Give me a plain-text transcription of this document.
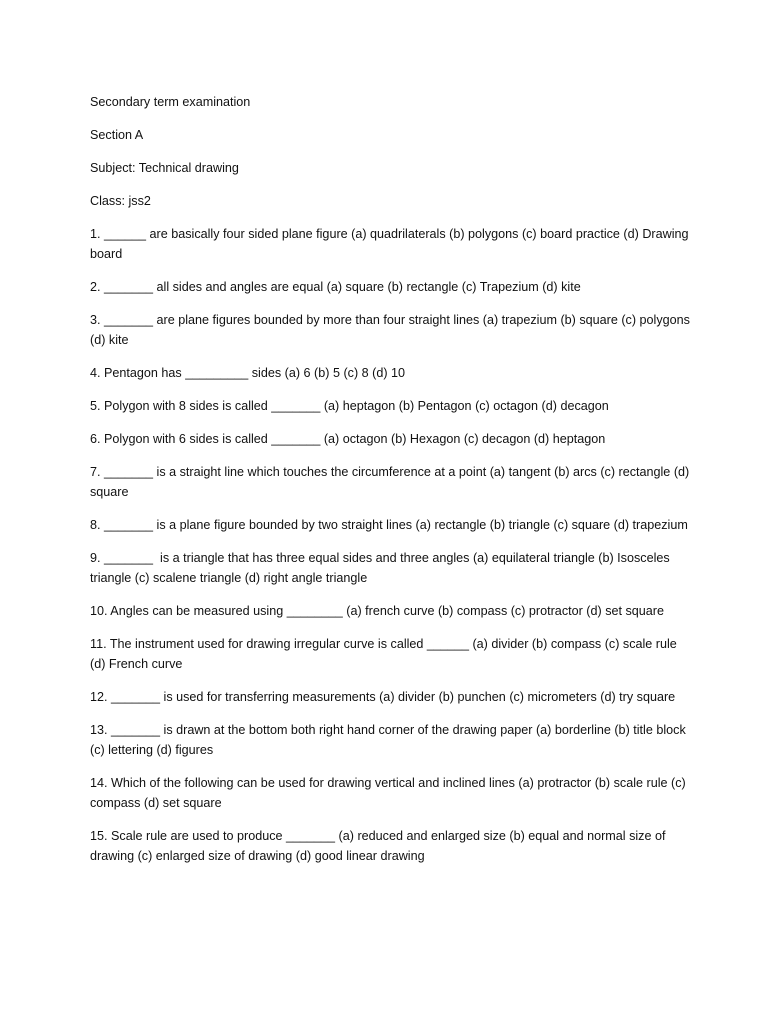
Secondary term examination

Section A

Subject: Technical drawing

Class: jss2

1. ______ are basically four sided plane figure (a) quadrilaterals (b) polygons (c) board practice (d) Drawing board

2. _______ all sides and angles are equal (a) square (b) rectangle (c) Trapezium (d) kite

3. _______ are plane figures bounded by more than four straight lines (a) trapezium (b) square (c) polygons (d) kite

4. Pentagon has _________ sides (a) 6 (b) 5 (c) 8 (d) 10

5. Polygon with 8 sides is called _______ (a) heptagon (b) Pentagon (c) octagon (d) decagon

6. Polygon with 6 sides is called _______ (a) octagon (b) Hexagon (c) decagon (d) heptagon

7. _______ is a straight line which touches the circumference at a point (a) tangent (b) arcs (c) rectangle (d) square

8. _______ is a plane figure bounded by two straight lines (a) rectangle (b) triangle (c) square (d) trapezium

9. _______  is a triangle that has three equal sides and three angles (a) equilateral triangle (b) Isosceles triangle (c) scalene triangle (d) right angle triangle

10. Angles can be measured using ________ (a) french curve (b) compass (c) protractor (d) set square

11. The instrument used for drawing irregular curve is called ______ (a) divider (b) compass (c) scale rule (d) French curve

12. _______ is used for transferring measurements (a) divider (b) punchen (c) micrometers (d) try square

13. _______ is drawn at the bottom both right hand corner of the drawing paper (a) borderline (b) title block (c) lettering (d) figures

14. Which of the following can be used for drawing vertical and inclined lines (a) protractor (b) scale rule (c) compass (d) set square

15. Scale rule are used to produce _______ (a) reduced and enlarged size (b) equal and normal size of drawing (c) enlarged size of drawing (d) good linear drawing
